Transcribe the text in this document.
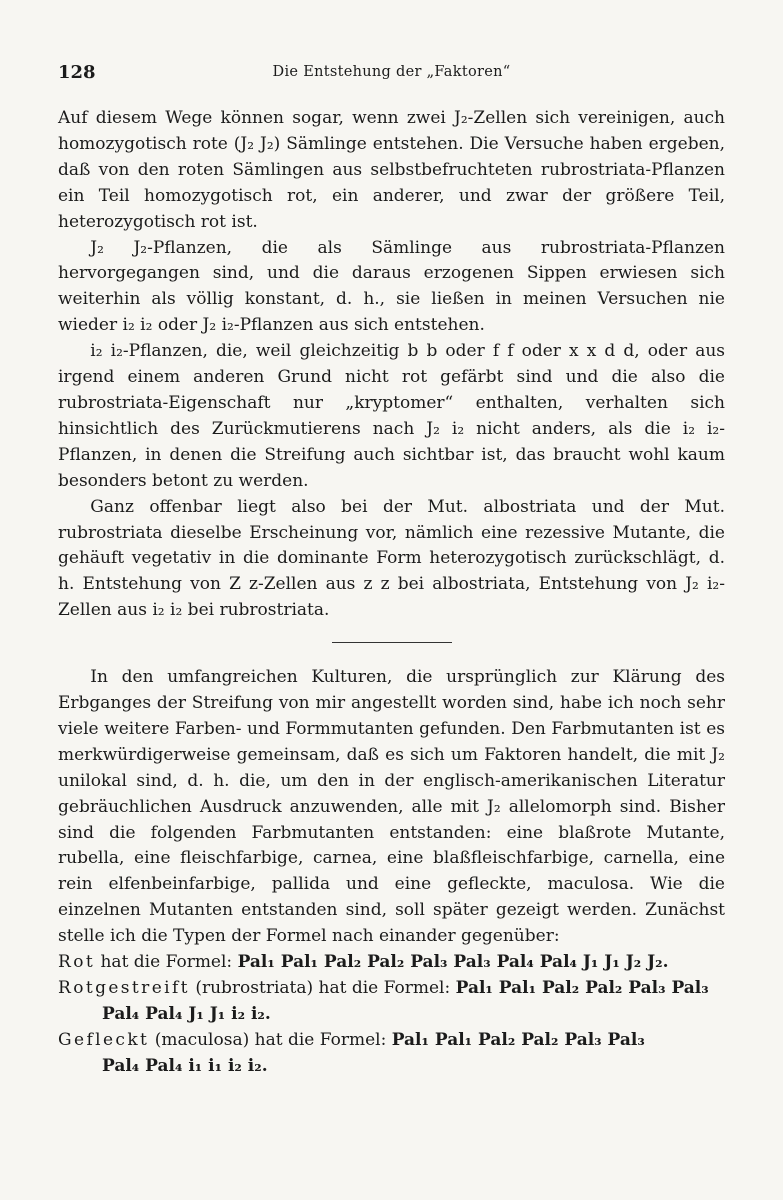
128	Die Entstehung der „Faktoren“

Auf diesem Wege können sogar, wenn zwei J₂-Zellen sich vereinigen, auch homozygotisch rote (J₂ J₂) Sämlinge entstehen. Die Versuche haben ergeben, daß von den roten Sämlingen aus selbstbefruchteten rubrostriata-Pflanzen ein Teil homozygotisch rot, ein anderer, und zwar der größere Teil, heterozygotisch rot ist.

J₂ J₂-Pflanzen, die als Sämlinge aus rubrostriata-Pflanzen hervorgegangen sind, und die daraus erzogenen Sippen erwiesen sich weiterhin als völlig konstant, d. h., sie ließen in meinen Versuchen nie wieder i₂ i₂ oder J₂ i₂-Pflanzen aus sich entstehen.

i₂ i₂-Pflanzen, die, weil gleichzeitig b b oder f f oder x x d d, oder aus irgend einem anderen Grund nicht rot gefärbt sind und die also die rubrostriata-Eigenschaft nur „kryptomer“ enthalten, verhalten sich hinsichtlich des Zurückmutierens nach J₂ i₂ nicht anders, als die i₂ i₂-Pflanzen, in denen die Streifung auch sichtbar ist, das braucht wohl kaum besonders betont zu werden.

Ganz offenbar liegt also bei der Mut. albostriata und der Mut. rubrostriata dieselbe Erscheinung vor, nämlich eine rezessive Mutante, die gehäuft vegetativ in die dominante Form heterozygotisch zurückschlägt, d. h. Entstehung von Z z-Zellen aus z z bei albostriata, Entstehung von J₂ i₂-Zellen aus i₂ i₂ bei rubrostriata.

In den umfangreichen Kulturen, die ursprünglich zur Klärung des Erbganges der Streifung von mir angestellt worden sind, habe ich noch sehr viele weitere Farben- und Formmutanten gefunden. Den Farbmutanten ist es merkwürdigerweise gemeinsam, daß es sich um Faktoren handelt, die mit J₂ unilokal sind, d. h. die, um den in der englisch-amerikanischen Literatur gebräuchlichen Ausdruck anzuwenden, alle mit J₂ allelomorph sind. Bisher sind die folgenden Farbmutanten entstanden: eine blaßrote Mutante, rubella, eine fleischfarbige, carnea, eine blaßfleischfarbige, carnella, eine rein elfenbeinfarbige, pallida und eine gefleckte, maculosa. Wie die einzelnen Mutanten entstanden sind, soll später gezeigt werden. Zunächst stelle ich die Typen der Formel nach einander gegenüber:

Rot hat die Formel: Pal₁ Pal₁ Pal₂ Pal₂ Pal₃ Pal₃ Pal₄ Pal₄ J₁ J₁ J₂ J₂.

Rotgestreift (rubrostriata) hat die Formel: Pal₁ Pal₁ Pal₂ Pal₂ Pal₃ Pal₃
Pal₄ Pal₄ J₁ J₁ i₂ i₂.

Gefleckt (maculosa) hat die Formel: Pal₁ Pal₁ Pal₂ Pal₂ Pal₃ Pal₃
Pal₄ Pal₄ i₁ i₁ i₂ i₂.
